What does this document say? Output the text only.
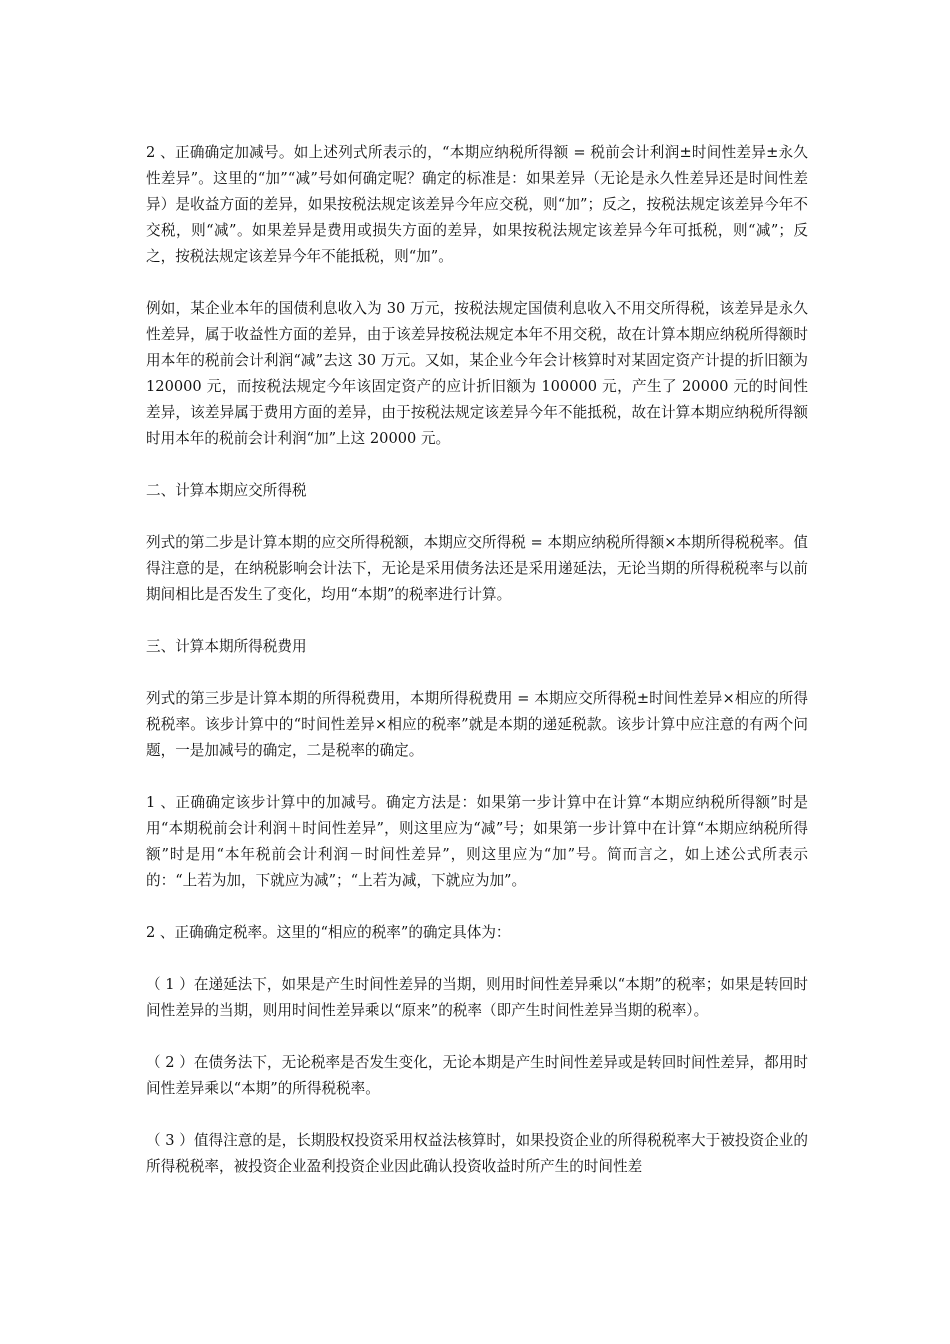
2 、正确确定加减号。如上述列式所表示的，“本期应纳税所得额 = 税前会计利润±时间性差异±永久性差异”。这里的“加”“减”号如何确定呢？确定的标准是：如果差异（无论是永久性差异还是时间性差异）是收益方面的差异，如果按税法规定该差异今年应交税，则“加”；反之，按税法规定该差异今年不交税，则“减”。如果差异是费用或损失方面的差异，如果按税法规定该差异今年可抵税，则“减”；反之，按税法规定该差异今年不能抵税，则“加”。

例如，某企业本年的国债利息收入为 30 万元，按税法规定国债利息收入不用交所得税，该差异是永久性差异，属于收益性方面的差异，由于该差异按税法规定本年不用交税，故在计算本期应纳税所得额时用本年的税前会计利润“减”去这 30 万元。又如，某企业今年会计核算时对某固定资产计提的折旧额为 120000 元，而按税法规定今年该固定资产的应计折旧额为 100000 元，产生了 20000 元的时间性差异，该差异属于费用方面的差异，由于按税法规定该差异今年不能抵税，故在计算本期应纳税所得额时用本年的税前会计利润“加”上这 20000 元。

二、计算本期应交所得税

列式的第二步是计算本期的应交所得税额，本期应交所得税 = 本期应纳税所得额×本期所得税税率。值得注意的是，在纳税影响会计法下，无论是采用债务法还是采用递延法，无论当期的所得税税率与以前期间相比是否发生了变化，均用“本期”的税率进行计算。

三、计算本期所得税费用

列式的第三步是计算本期的所得税费用，本期所得税费用 = 本期应交所得税±时间性差异×相应的所得税税率。该步计算中的“时间性差异×相应的税率”就是本期的递延税款。该步计算中应注意的有两个问题，一是加减号的确定，二是税率的确定。

1 、正确确定该步计算中的加减号。确定方法是：如果第一步计算中在计算“本期应纳税所得额”时是用“本期税前会计利润＋时间性差异”，则这里应为“减”号；如果第一步计算中在计算“本期应纳税所得额”时是用“本年税前会计利润－时间性差异”，则这里应为“加”号。简而言之，如上述公式所表示的：“上若为加，下就应为减”；“上若为减，下就应为加”。

2 、正确确定税率。这里的“相应的税率”的确定具体为：

（ 1 ）在递延法下，如果是产生时间性差异的当期，则用时间性差异乘以“本期”的税率；如果是转回时间性差异的当期，则用时间性差异乘以“原来”的税率（即产生时间性差异当期的税率）。

（ 2 ）在债务法下，无论税率是否发生变化，无论本期是产生时间性差异或是转回时间性差异，都用时间性差异乘以“本期”的所得税税率。

（ 3 ）值得注意的是，长期股权投资采用权益法核算时，如果投资企业的所得税税率大于被投资企业的所得税税率，被投资企业盈利投资企业因此确认投资收益时所产生的时间性差
